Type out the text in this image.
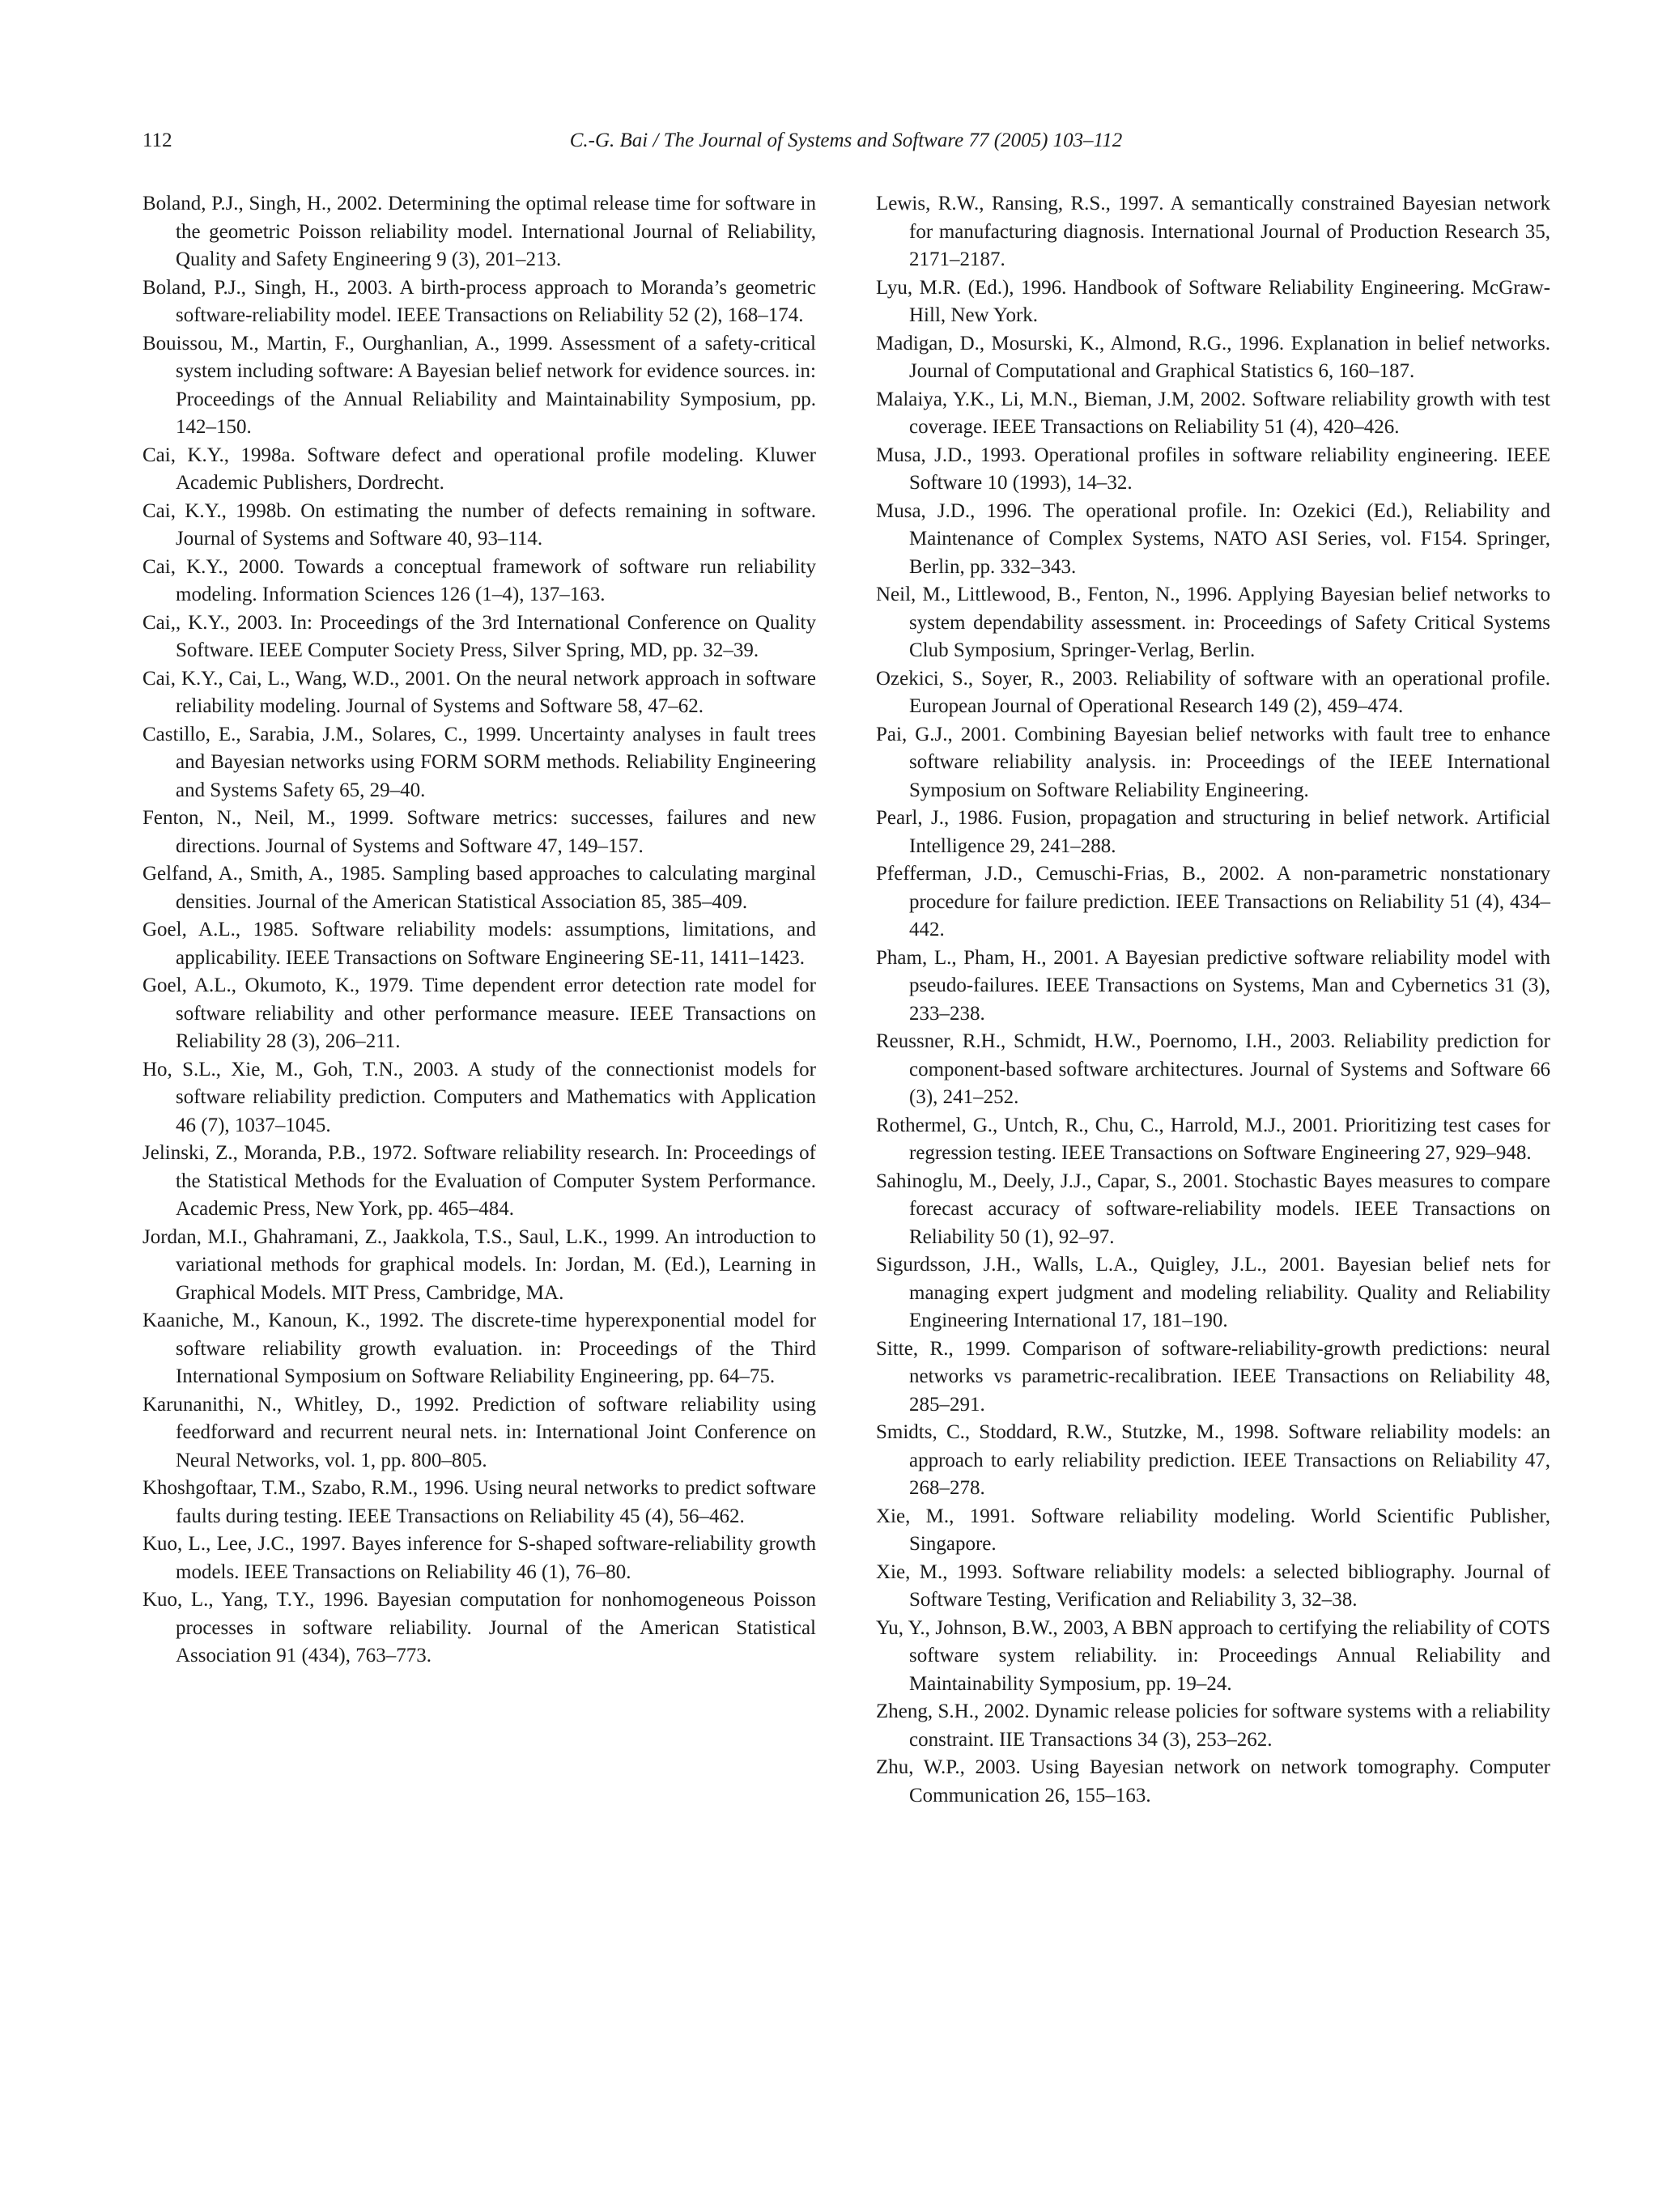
112	C.-G. Bai / The Journal of Systems and Software 77 (2005) 103–112

Boland, P.J., Singh, H., 2002. Determining the optimal release time for software in the geometric Poisson reliability model. International Journal of Reliability, Quality and Safety Engineering 9 (3), 201–213.

Boland, P.J., Singh, H., 2003. A birth-process approach to Moranda’s geometric software-reliability model. IEEE Transactions on Reliability 52 (2), 168–174.

Bouissou, M., Martin, F., Ourghanlian, A., 1999. Assessment of a safety-critical system including software: A Bayesian belief network for evidence sources. in: Proceedings of the Annual Reliability and Maintainability Symposium, pp. 142–150.

Cai, K.Y., 1998a. Software defect and operational profile modeling. Kluwer Academic Publishers, Dordrecht.

Cai, K.Y., 1998b. On estimating the number of defects remaining in software. Journal of Systems and Software 40, 93–114.

Cai, K.Y., 2000. Towards a conceptual framework of software run reliability modeling. Information Sciences 126 (1–4), 137–163.

Cai,, K.Y., 2003. In: Proceedings of the 3rd International Conference on Quality Software. IEEE Computer Society Press, Silver Spring, MD, pp. 32–39.

Cai, K.Y., Cai, L., Wang, W.D., 2001. On the neural network approach in software reliability modeling. Journal of Systems and Software 58, 47–62.

Castillo, E., Sarabia, J.M., Solares, C., 1999. Uncertainty analyses in fault trees and Bayesian networks using FORM SORM methods. Reliability Engineering and Systems Safety 65, 29–40.

Fenton, N., Neil, M., 1999. Software metrics: successes, failures and new directions. Journal of Systems and Software 47, 149–157.

Gelfand, A., Smith, A., 1985. Sampling based approaches to calculating marginal densities. Journal of the American Statistical Association 85, 385–409.

Goel, A.L., 1985. Software reliability models: assumptions, limitations, and applicability. IEEE Transactions on Software Engineering SE-11, 1411–1423.

Goel, A.L., Okumoto, K., 1979. Time dependent error detection rate model for software reliability and other performance measure. IEEE Transactions on Reliability 28 (3), 206–211.

Ho, S.L., Xie, M., Goh, T.N., 2003. A study of the connectionist models for software reliability prediction. Computers and Mathematics with Application 46 (7), 1037–1045.

Jelinski, Z., Moranda, P.B., 1972. Software reliability research. In: Proceedings of the Statistical Methods for the Evaluation of Computer System Performance. Academic Press, New York, pp. 465–484.

Jordan, M.I., Ghahramani, Z., Jaakkola, T.S., Saul, L.K., 1999. An introduction to variational methods for graphical models. In: Jordan, M. (Ed.), Learning in Graphical Models. MIT Press, Cambridge, MA.

Kaaniche, M., Kanoun, K., 1992. The discrete-time hyperexponential model for software reliability growth evaluation. in: Proceedings of the Third International Symposium on Software Reliability Engineering, pp. 64–75.

Karunanithi, N., Whitley, D., 1992. Prediction of software reliability using feedforward and recurrent neural nets. in: International Joint Conference on Neural Networks, vol. 1, pp. 800–805.

Khoshgoftaar, T.M., Szabo, R.M., 1996. Using neural networks to predict software faults during testing. IEEE Transactions on Reliability 45 (4), 56–462.

Kuo, L., Lee, J.C., 1997. Bayes inference for S-shaped software-reliability growth models. IEEE Transactions on Reliability 46 (1), 76–80.

Kuo, L., Yang, T.Y., 1996. Bayesian computation for nonhomogeneous Poisson processes in software reliability. Journal of the American Statistical Association 91 (434), 763–773.

Lewis, R.W., Ransing, R.S., 1997. A semantically constrained Bayesian network for manufacturing diagnosis. International Journal of Production Research 35, 2171–2187.

Lyu, M.R. (Ed.), 1996. Handbook of Software Reliability Engineering. McGraw-Hill, New York.

Madigan, D., Mosurski, K., Almond, R.G., 1996. Explanation in belief networks. Journal of Computational and Graphical Statistics 6, 160–187.

Malaiya, Y.K., Li, M.N., Bieman, J.M, 2002. Software reliability growth with test coverage. IEEE Transactions on Reliability 51 (4), 420–426.

Musa, J.D., 1993. Operational profiles in software reliability engineering. IEEE Software 10 (1993), 14–32.

Musa, J.D., 1996. The operational profile. In: Ozekici (Ed.), Reliability and Maintenance of Complex Systems, NATO ASI Series, vol. F154. Springer, Berlin, pp. 332–343.

Neil, M., Littlewood, B., Fenton, N., 1996. Applying Bayesian belief networks to system dependability assessment. in: Proceedings of Safety Critical Systems Club Symposium, Springer-Verlag, Berlin.

Ozekici, S., Soyer, R., 2003. Reliability of software with an operational profile. European Journal of Operational Research 149 (2), 459–474.

Pai, G.J., 2001. Combining Bayesian belief networks with fault tree to enhance software reliability analysis. in: Proceedings of the IEEE International Symposium on Software Reliability Engineering.

Pearl, J., 1986. Fusion, propagation and structuring in belief network. Artificial Intelligence 29, 241–288.

Pfefferman, J.D., Cemuschi-Frias, B., 2002. A non-parametric nonstationary procedure for failure prediction. IEEE Transactions on Reliability 51 (4), 434–442.

Pham, L., Pham, H., 2001. A Bayesian predictive software reliability model with pseudo-failures. IEEE Transactions on Systems, Man and Cybernetics 31 (3), 233–238.

Reussner, R.H., Schmidt, H.W., Poernomo, I.H., 2003. Reliability prediction for component-based software architectures. Journal of Systems and Software 66 (3), 241–252.

Rothermel, G., Untch, R., Chu, C., Harrold, M.J., 2001. Prioritizing test cases for regression testing. IEEE Transactions on Software Engineering 27, 929–948.

Sahinoglu, M., Deely, J.J., Capar, S., 2001. Stochastic Bayes measures to compare forecast accuracy of software-reliability models. IEEE Transactions on Reliability 50 (1), 92–97.

Sigurdsson, J.H., Walls, L.A., Quigley, J.L., 2001. Bayesian belief nets for managing expert judgment and modeling reliability. Quality and Reliability Engineering International 17, 181–190.

Sitte, R., 1999. Comparison of software-reliability-growth predictions: neural networks vs parametric-recalibration. IEEE Transactions on Reliability 48, 285–291.

Smidts, C., Stoddard, R.W., Stutzke, M., 1998. Software reliability models: an approach to early reliability prediction. IEEE Transactions on Reliability 47, 268–278.

Xie, M., 1991. Software reliability modeling. World Scientific Publisher, Singapore.

Xie, M., 1993. Software reliability models: a selected bibliography. Journal of Software Testing, Verification and Reliability 3, 32–38.

Yu, Y., Johnson, B.W., 2003, A BBN approach to certifying the reliability of COTS software system reliability. in: Proceedings Annual Reliability and Maintainability Symposium, pp. 19–24.

Zheng, S.H., 2002. Dynamic release policies for software systems with a reliability constraint. IIE Transactions 34 (3), 253–262.

Zhu, W.P., 2003. Using Bayesian network on network tomography. Computer Communication 26, 155–163.
